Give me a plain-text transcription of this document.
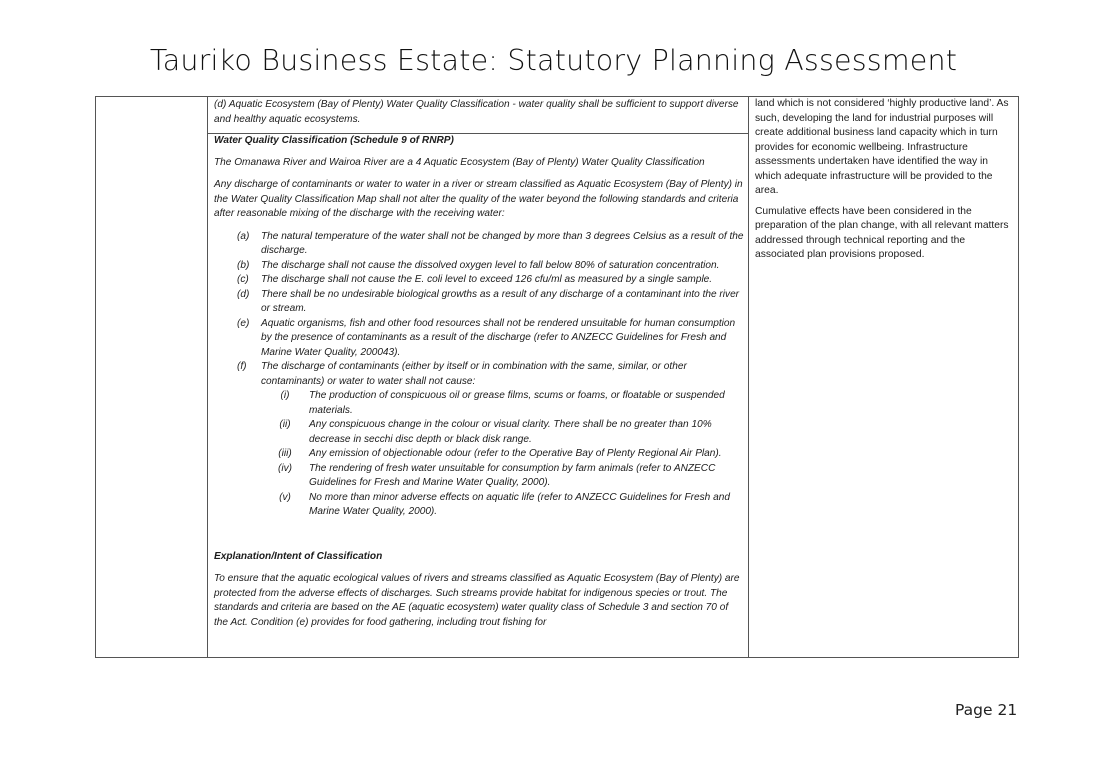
Tauriko Business Estate: Statutory Planning Assessment

(d) Aquatic Ecosystem (Bay of Plenty) Water Quality Classification - water quality shall be sufficient to support diverse and healthy aquatic ecosystems.

Water Quality Classification (Schedule 9 of RNRP)

The Omanawa River and Wairoa River are a 4 Aquatic Ecosystem (Bay of Plenty) Water Quality Classification

Any discharge of contaminants or water to water in a river or stream classified as Aquatic Ecosystem (Bay of Plenty) in the Water Quality Classification Map shall not alter the quality of the water beyond the following standards and criteria after reasonable mixing of the discharge with the receiving water:

(a)	The natural temperature of the water shall not be changed by more than 3 degrees Celsius as a result of the discharge.
(b)	The discharge shall not cause the dissolved oxygen level to fall below 80% of saturation concentration.
(c)	The discharge shall not cause the E. coli level to exceed 126 cfu/ml as measured by a single sample.
(d)	There shall be no undesirable biological growths as a result of any discharge of a contaminant into the river or stream.
(e)	Aquatic organisms, fish and other food resources shall not be rendered unsuitable for human consumption by the presence of contaminants as a result of the discharge (refer to ANZECC Guidelines for Fresh and Marine Water Quality, 200043).
(f)	The discharge of contaminants (either by itself or in combination with the same, similar, or other contaminants) or water to water shall not cause:
(i)	The production of conspicuous oil or grease films, scums or foams, or floatable or suspended materials.
(ii)	Any conspicuous change in the colour or visual clarity. There shall be no greater than 10% decrease in secchi disc depth or black disk range.
(iii)	Any emission of objectionable odour (refer to the Operative Bay of Plenty Regional Air Plan).
(iv)	The rendering of fresh water unsuitable for consumption by farm animals (refer to ANZECC Guidelines for Fresh and Marine Water Quality, 2000).
(v)	No more than minor adverse effects on aquatic life (refer to ANZECC Guidelines for Fresh and Marine Water Quality, 2000).

Explanation/Intent of Classification

To ensure that the aquatic ecological values of rivers and streams classified as Aquatic Ecosystem (Bay of Plenty) are protected from the adverse effects of discharges. Such streams provide habitat for indigenous species or trout. The standards and criteria are based on the AE (aquatic ecosystem) water quality class of Schedule 3 and section 70 of the Act. Condition (e) provides for food gathering, including trout fishing for

land which is not considered ‘highly productive land’. As such, developing the land for industrial purposes will create additional business land capacity which in turn provides for economic wellbeing. Infrastructure assessments undertaken have identified the way in which adequate infrastructure will be provided to the area.

Cumulative effects have been considered in the preparation of the plan change, with all relevant matters addressed through technical reporting and the associated plan provisions proposed.

Page 21
